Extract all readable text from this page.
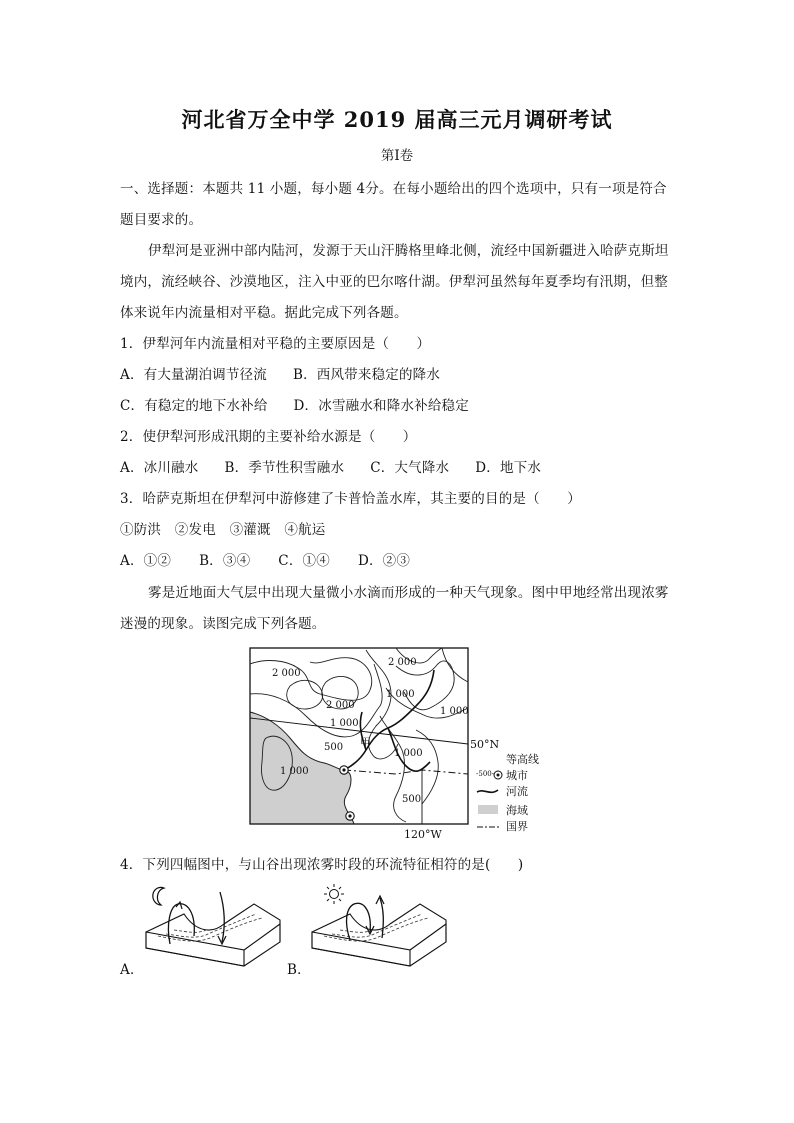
河北省万全中学 2019 届高三元月调研考试
第Ⅰ卷
一、选择题：本题共 11 小题，每小题 4分。在每小题给出的四个选项中，只有一项是符合
题目要求的。
伊犁河是亚洲中部内陆河，发源于天山汗腾格里峰北侧，流经中国新疆进入哈萨克斯坦
境内，流经峡谷、沙漠地区，注入中亚的巴尔喀什湖。伊犁河虽然每年夏季均有汛期，但整
体来说年内流量相对平稳。据此完成下列各题。
1．伊犁河年内流量相对平稳的主要原因是（　　）
A．有大量湖泊调节径流 B．西风带来稳定的降水
C．有稳定的地下水补给 D．冰雪融水和降水补给稳定
2．使伊犁河形成汛期的主要补给水源是（　　）
A．冰川融水 B．季节性积雪融水 C．大气降水 D．地下水
3．哈萨克斯坦在伊犁河中游修建了卡普恰盖水库，其主要的目的是（　　）
①防洪　②发电　③灌溉　④航运
A．①② B．③④ C．①④ D．②③
雾是近地面大气层中出现大量微小水滴而形成的一种天气现象。图中甲地经常出现浓雾
迷漫的现象。读图完成下列各题。
2 000
2 000
2 000
1 000
1 000
1 000
1 000
1 000
500
500
甲	50°N
120°W
等高线
-500- 城市
河流
海域
国界
4．下列四幅图中，与山谷出现浓雾时段的环流特征相符的是(　　)
A．	B．
